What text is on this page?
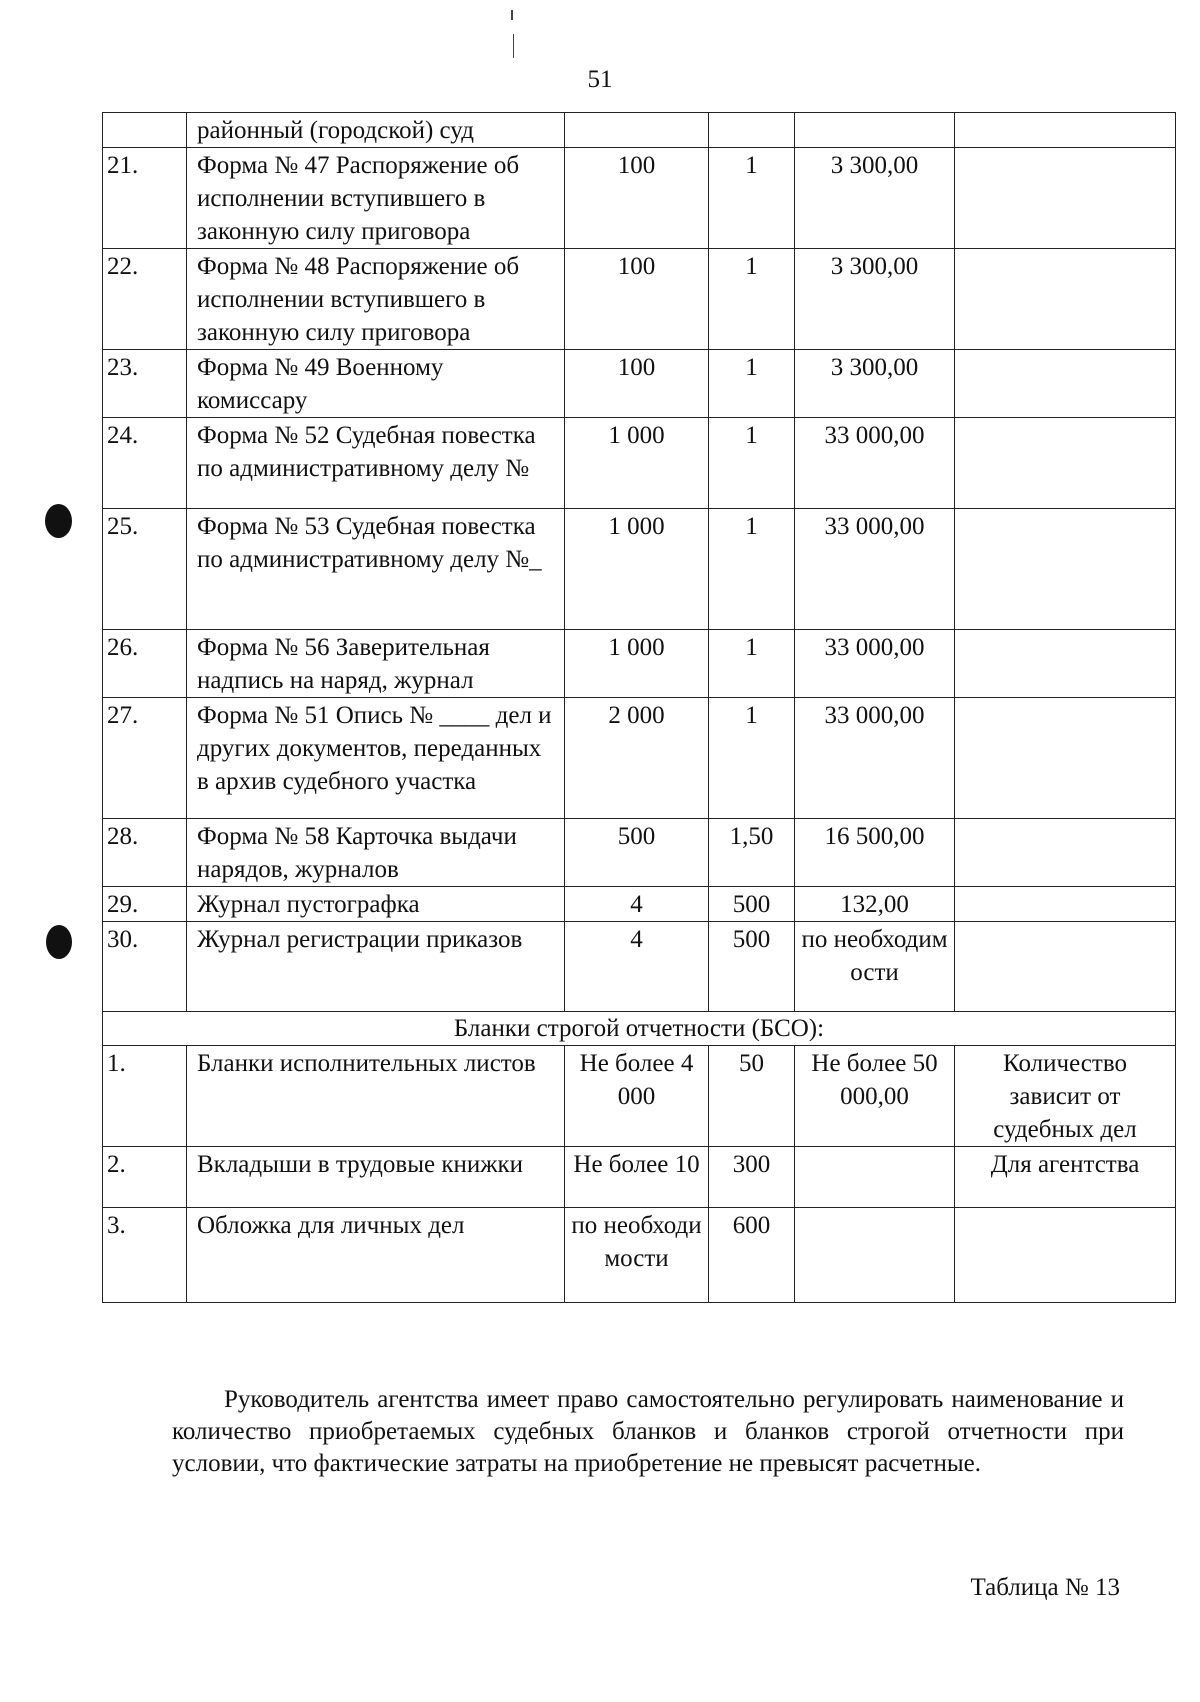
51
	районный (городской) суд				
21.	Форма № 47 Распоряжение об исполнении вступившего в законную силу приговора	100	1	3 300,00	
22.	Форма № 48 Распоряжение об исполнении вступившего в законную силу приговора	100	1	3 300,00	
23.	Форма № 49 Военному комиссару	100	1	3 300,00	
24.	Форма № 52 Судебная повестка по административному делу №	1 000	1	33 000,00	
25.	Форма № 53 Судебная повестка по административному делу №_	1 000	1	33 000,00	
26.	Форма № 56 Заверительная надпись на наряд, журнал	1 000	1	33 000,00	
27.	Форма № 51 Опись № ____ дел и других документов, переданных в архив судебного участка	2 000	1	33 000,00	
28.	Форма № 58 Карточка выдачи нарядов, журналов	500	1,50	16 500,00	
29.	Журнал пустографка	4	500	132,00	
30.	Журнал регистрации приказов	4	500	по необходим ости	
Бланки строгой отчетности (БСО):					
1.	Бланки исполнительных листов	Не более 4 000	50	Не более 50 000,00	Количество зависит от судебных дел
2.	Вкладыши в трудовые книжки	Не более 10	300		Для агентства
3.	Обложка для личных дел	по необходи мости	600		

Руководитель агентства имеет право самостоятельно регулировать наименование и количество приобретаемых судебных бланков и бланков строгой отчетности при условии, что фактические затраты на приобретение не превысят расчетные.

Таблица № 13
